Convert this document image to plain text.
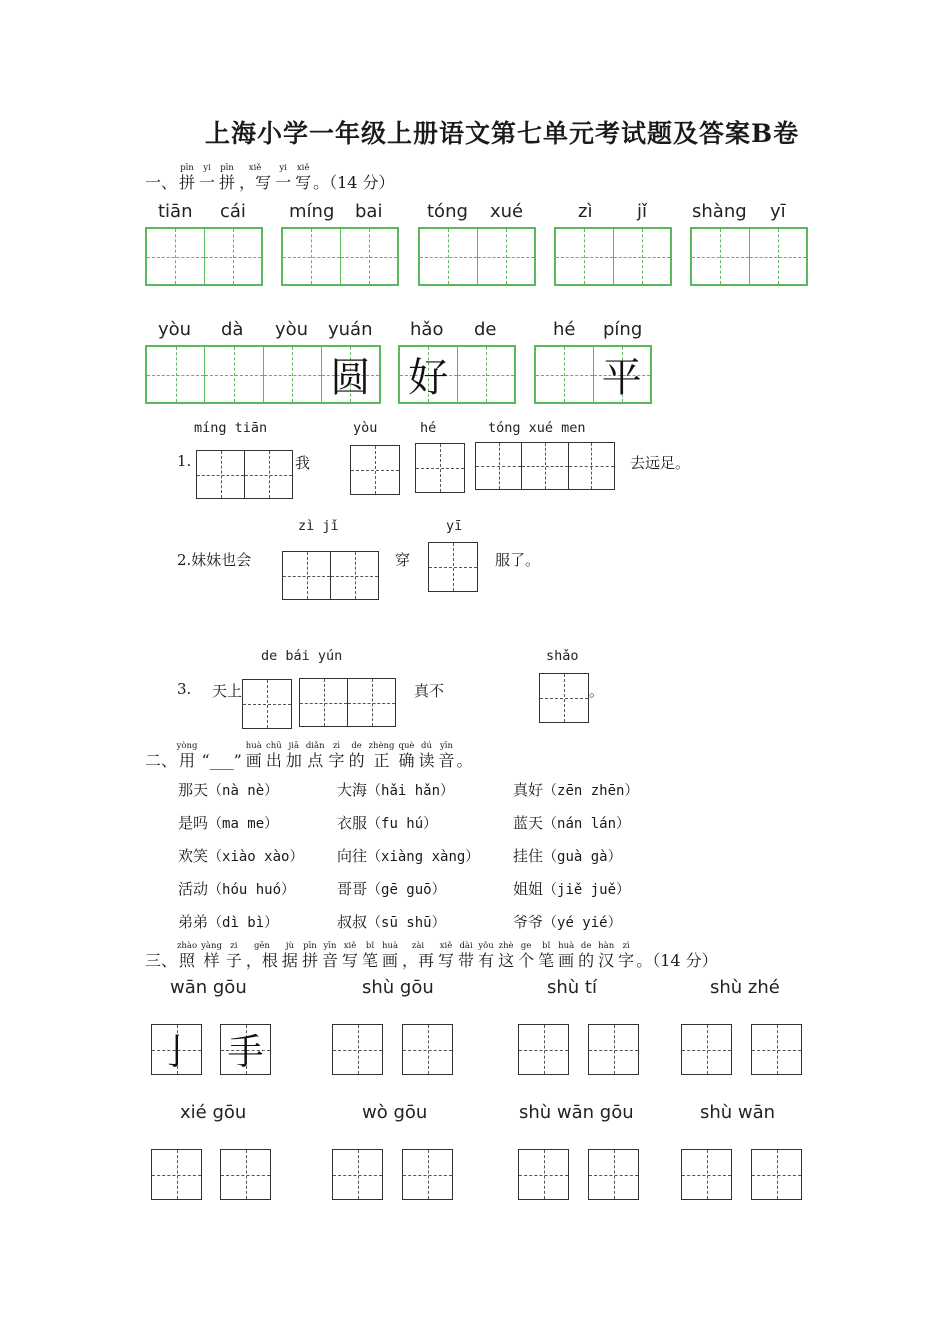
上海小学一年级上册语文第七单元考试题及答案B卷
一、 拼pīn一yi拼pīn，写xiě一yi写xiě。（14 分）
tiān cái míng bai tóng xué	zì jǐ shàng yī
yòu dà yòu yuán hǎo de	hé píng
圆 好	平
míng tiān	yòu	hé	tóng xué men
1.	我	去远足。
zì jǐ	yī
2.妹妹也会	穿	服了。
de bái yún	shǎo
3. 天上	真不	。
二、用yòng“___” 画huà出chū加jiā点diǎn字zì的de正zhèng确què读dú音yīn。
那天（nà nè）	大海（hǎi hǎn）	真好（zēn zhēn）
是吗（ma me）	衣服（fu hú）	蓝天（nán lán）
欢笑（xiào xào） 向往（xiàng xàng） 挂住（guà gà）
活动（hóu huó）	哥哥（gē guō）	姐姐（jiě juě）
弟弟（dì bì）	叔叔（sū shū）	爷爷（yé yié）
三、照zhào样yàng子zi，根gēn据jù拼pīn音yīn写xiě笔bǐ画huà，再zài写xiě带dài有yǒu这zhè个ge笔bǐ画huà的de汉hàn字zì。（14 分）
wān gōu	shù gōu	shù tí	shù zhé
亅 手
xié gōu	wò gōu	shù wān gōu	shù wān
